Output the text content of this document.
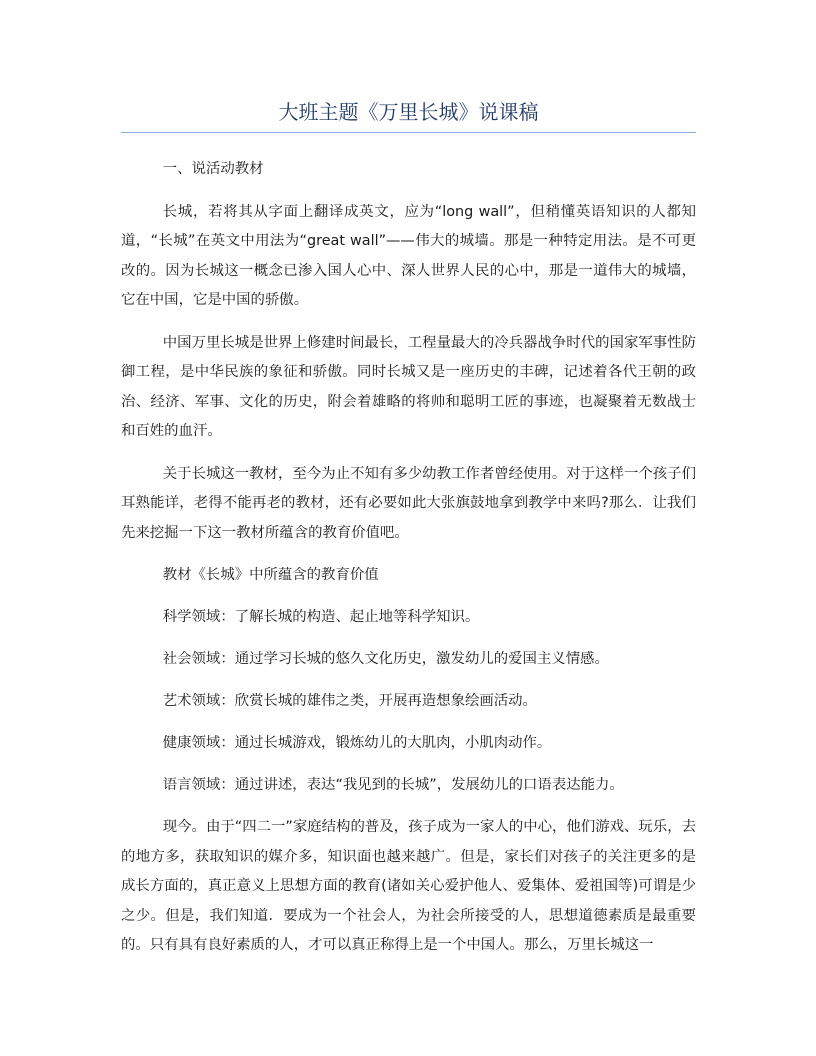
大班主题《万里长城》说课稿

一、说活动教材

长城，若将其从字面上翻译成英文，应为“long wall”，但稍懂英语知识的人都知道，“长城”在英文中用法为“great wall”——伟大的城墙。那是一种特定用法。是不可更改的。因为长城这一概念已渗入国人心中、深人世界人民的心中，那是一道伟大的城墙，它在中国，它是中国的骄傲。

中国万里长城是世界上修建时间最长，工程量最大的冷兵器战争时代的国家军事性防御工程，是中华民族的象征和骄傲。同时长城又是一座历史的丰碑，记述着各代王朝的政治、经济、军事、文化的历史，附会着雄略的将帅和聪明工匠的事迹，也凝聚着无数战士和百姓的血汗。

关于长城这一教材，至今为止不知有多少幼教工作者曾经使用。对于这样一个孩子们耳熟能详，老得不能再老的教材，还有必要如此大张旗鼓地拿到教学中来吗?那么．让我们先来挖掘一下这一教材所蕴含的教育价值吧。

教材《长城》中所蕴含的教育价值

科学领域：了解长城的构造、起止地等科学知识。

社会领域：通过学习长城的悠久文化历史，激发幼儿的爱国主义情感。

艺术领域：欣赏长城的雄伟之类，开展再造想象绘画活动。

健康领域：通过长城游戏，锻炼幼儿的大肌肉，小肌肉动作。

语言领域：通过讲述，表达“我见到的长城”，发展幼儿的口语表达能力。

现今。由于“四二一”家庭结构的普及，孩子成为一家人的中心，他们游戏、玩乐，去的地方多，获取知识的媒介多，知识面也越来越广。但是，家长们对孩子的关注更多的是成长方面的，真正意义上思想方面的教育(诸如关心爱护他人、爱集体、爱祖国等)可谓是少之少。但是，我们知道．要成为一个社会人，为社会所接受的人，思想道德素质是最重要的。只有具有良好素质的人，才可以真正称得上是一个中国人。那么，万里长城这一
